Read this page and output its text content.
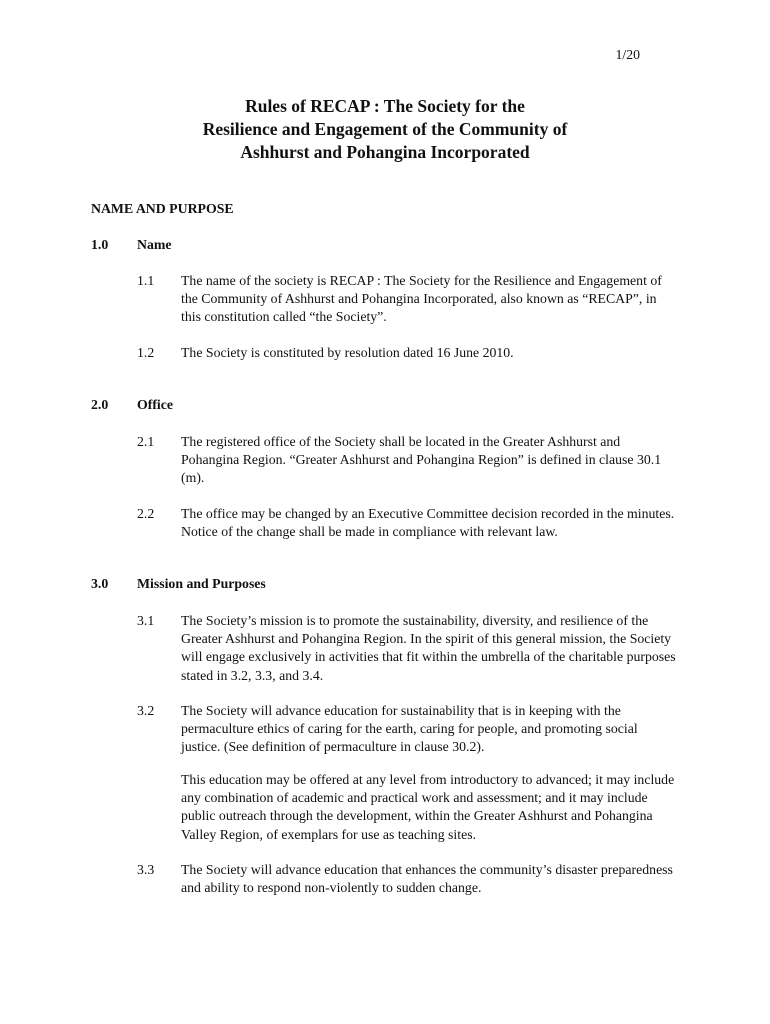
1/20
Rules of RECAP : The Society for the
Resilience and Engagement of the Community of
Ashhurst and Pohangina Incorporated
NAME AND PURPOSE
1.0	Name
1.1	The name of the society is RECAP : The Society for the Resilience and Engagement of the Community of Ashhurst and Pohangina Incorporated, also known as “RECAP”, in this constitution called “the Society”.
1.2	The Society is constituted by resolution dated 16 June 2010.
2.0	Office
2.1	The registered office of the Society shall be located in the Greater Ashhurst and Pohangina Region. “Greater Ashhurst and Pohangina Region” is defined in clause 30.1 (m).
2.2	The office may be changed by an Executive Committee decision recorded in the minutes. Notice of the change shall be made in compliance with relevant law.
3.0	Mission and Purposes
3.1	The Society’s mission is to promote the sustainability, diversity, and resilience of the Greater Ashhurst and Pohangina Region. In the spirit of this general mission, the Society will engage exclusively in activities that fit within the umbrella of the charitable purposes stated in 3.2, 3.3, and 3.4.
3.2	The Society will advance education for sustainability that is in keeping with the permaculture ethics of caring for the earth, caring for people, and promoting social justice. (See definition of permaculture in clause 30.2).
This education may be offered at any level from introductory to advanced; it may include any combination of academic and practical work and assessment; and it may include public outreach through the development, within the Greater Ashhurst and Pohangina Valley Region, of exemplars for use as teaching sites.
3.3	The Society will advance education that enhances the community’s disaster preparedness and ability to respond non-violently to sudden change.
